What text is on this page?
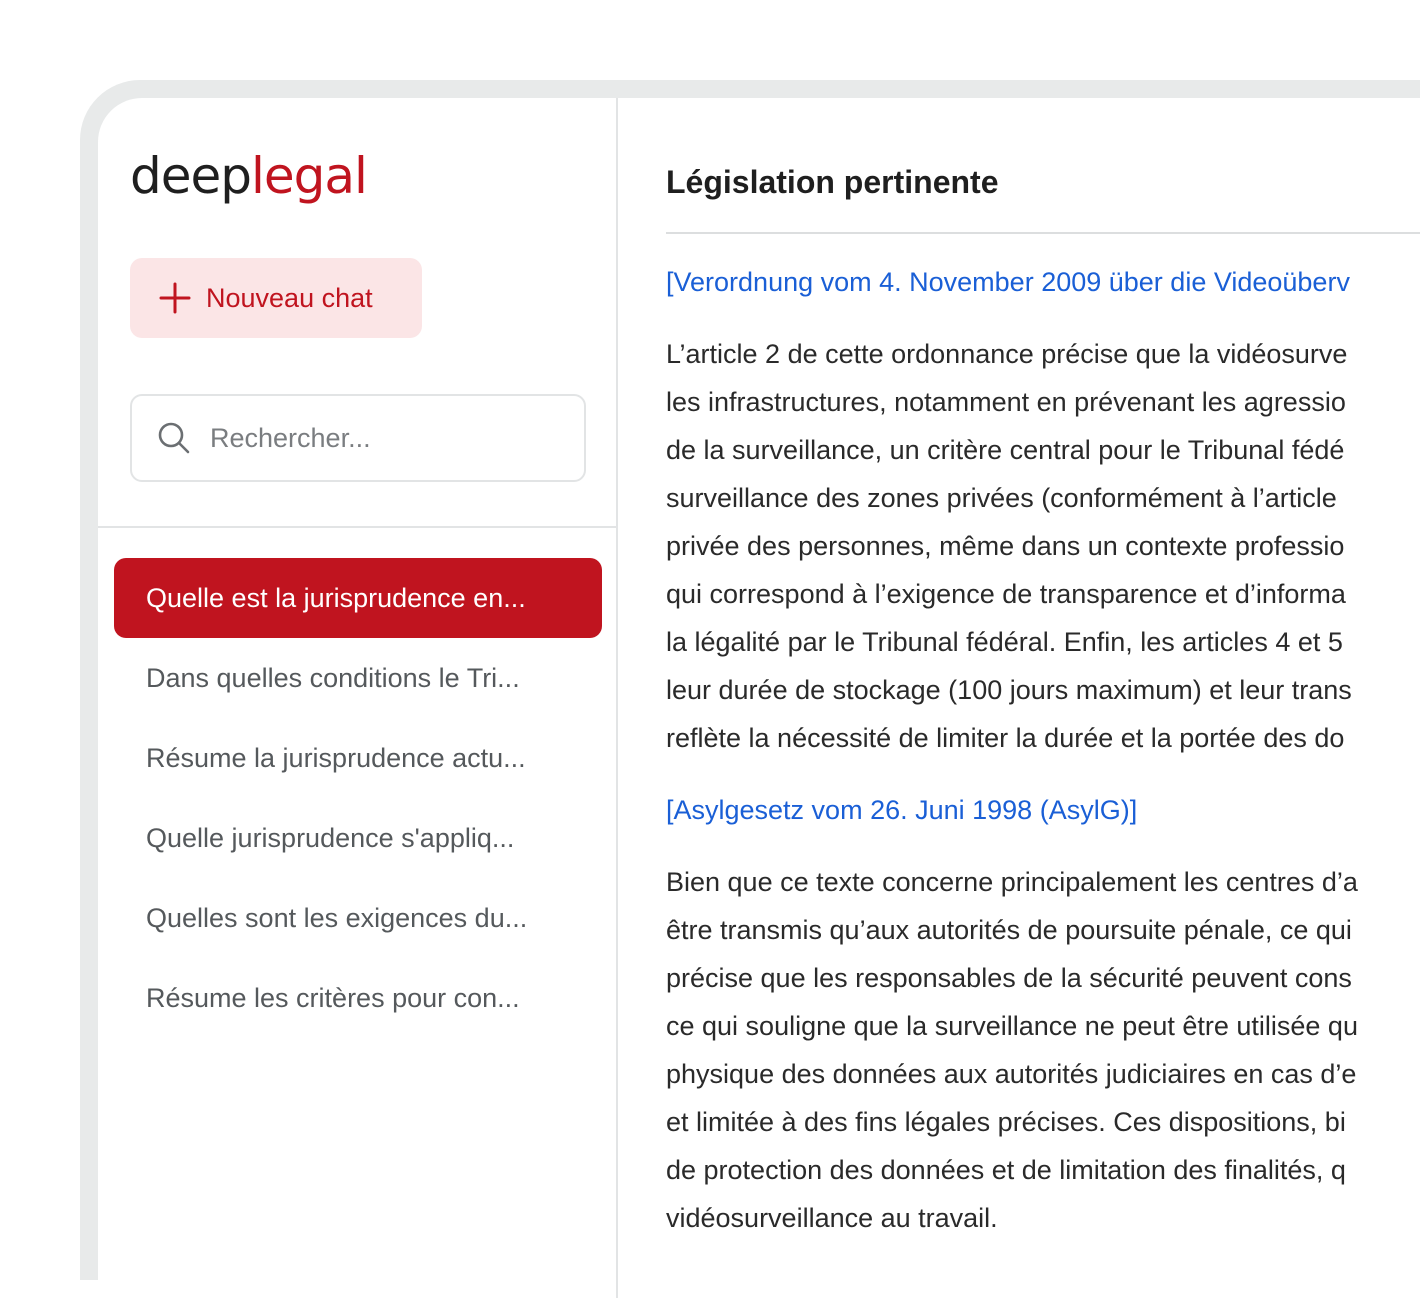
deeplegal
Nouveau chat
Rechercher...
Quelle est la jurisprudence en...
Dans quelles conditions le Tri...
Résume la jurisprudence actu...
Quelle jurisprudence s'appliq...
Quelles sont les exigences du...
Résume les critères pour con...
Législation pertinente
[Verordnung vom 4. November 2009 über die Videoüberv
L’article 2 de cette ordonnance précise que la vidéosurve
les infrastructures, notamment en prévenant les agressio
de la surveillance, un critère central pour le Tribunal fédé
surveillance des zones privées (conformément à l’article
privée des personnes, même dans un contexte professio
qui correspond à l’exigence de transparence et d’informa
la légalité par le Tribunal fédéral. Enfin, les articles 4 et 5
leur durée de stockage (100 jours maximum) et leur trans
reflète la nécessité de limiter la durée et la portée des do
[Asylgesetz vom 26. Juni 1998 (AsylG)]
Bien que ce texte concerne principalement les centres d’a
être transmis qu’aux autorités de poursuite pénale, ce qui
précise que les responsables de la sécurité peuvent cons
ce qui souligne que la surveillance ne peut être utilisée qu
physique des données aux autorités judiciaires en cas d’e
et limitée à des fins légales précises. Ces dispositions, bi
de protection des données et de limitation des finalités, q
vidéosurveillance au travail.
